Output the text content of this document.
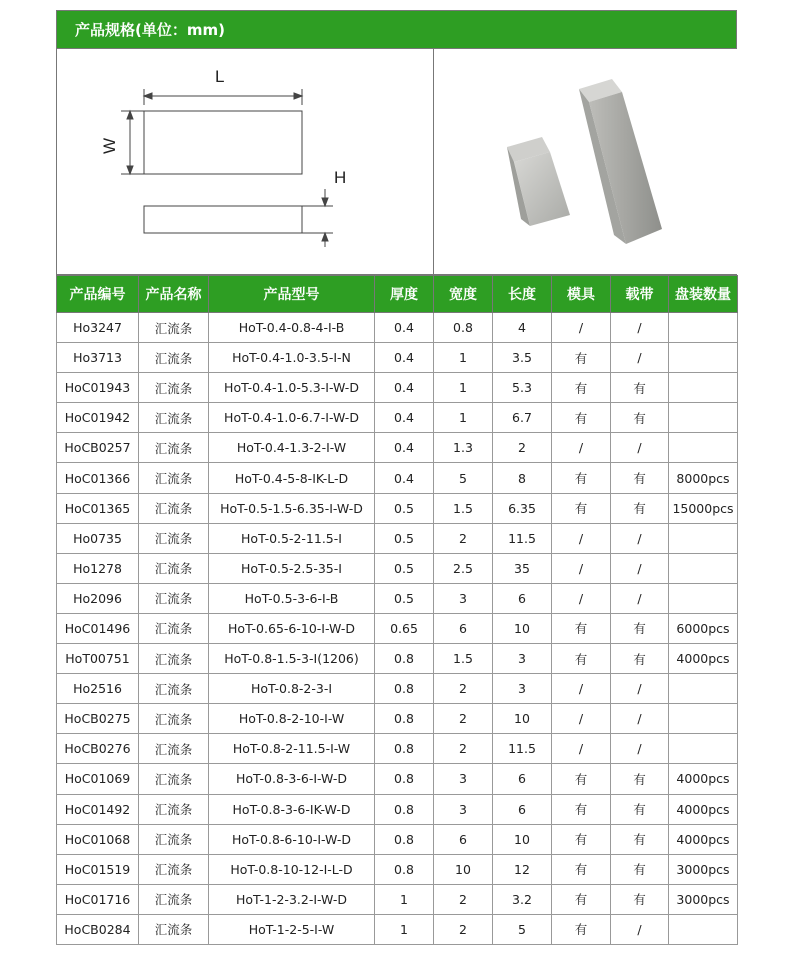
产品规格(单位：mm)
L
W
H
产品编号	产品名称	产品型号	厚度	宽度	长度	模具	载带	盘装数量
Ho3247	汇流条	HoT-0.4-0.8-4-I-B	0.4	0.8	4	/	/	
Ho3713	汇流条	HoT-0.4-1.0-3.5-I-N	0.4	1	3.5	有	/	
HoC01943	汇流条	HoT-0.4-1.0-5.3-I-W-D	0.4	1	5.3	有	有	
HoC01942	汇流条	HoT-0.4-1.0-6.7-I-W-D	0.4	1	6.7	有	有	
HoCB0257	汇流条	HoT-0.4-1.3-2-I-W	0.4	1.3	2	/	/	
HoC01366	汇流条	HoT-0.4-5-8-IK-L-D	0.4	5	8	有	有	8000pcs
HoC01365	汇流条	HoT-0.5-1.5-6.35-I-W-D	0.5	1.5	6.35	有	有	15000pcs
Ho0735	汇流条	HoT-0.5-2-11.5-I	0.5	2	11.5	/	/	
Ho1278	汇流条	HoT-0.5-2.5-35-I	0.5	2.5	35	/	/	
Ho2096	汇流条	HoT-0.5-3-6-I-B	0.5	3	6	/	/	
HoC01496	汇流条	HoT-0.65-6-10-I-W-D	0.65	6	10	有	有	6000pcs
HoT00751	汇流条	HoT-0.8-1.5-3-I(1206)	0.8	1.5	3	有	有	4000pcs
Ho2516	汇流条	HoT-0.8-2-3-I	0.8	2	3	/	/	
HoCB0275	汇流条	HoT-0.8-2-10-I-W	0.8	2	10	/	/	
HoCB0276	汇流条	HoT-0.8-2-11.5-I-W	0.8	2	11.5	/	/	
HoC01069	汇流条	HoT-0.8-3-6-I-W-D	0.8	3	6	有	有	4000pcs
HoC01492	汇流条	HoT-0.8-3-6-IK-W-D	0.8	3	6	有	有	4000pcs
HoC01068	汇流条	HoT-0.8-6-10-I-W-D	0.8	6	10	有	有	4000pcs
HoC01519	汇流条	HoT-0.8-10-12-I-L-D	0.8	10	12	有	有	3000pcs
HoC01716	汇流条	HoT-1-2-3.2-I-W-D	1	2	3.2	有	有	3000pcs
HoCB0284	汇流条	HoT-1-2-5-I-W	1	2	5	有	/	
